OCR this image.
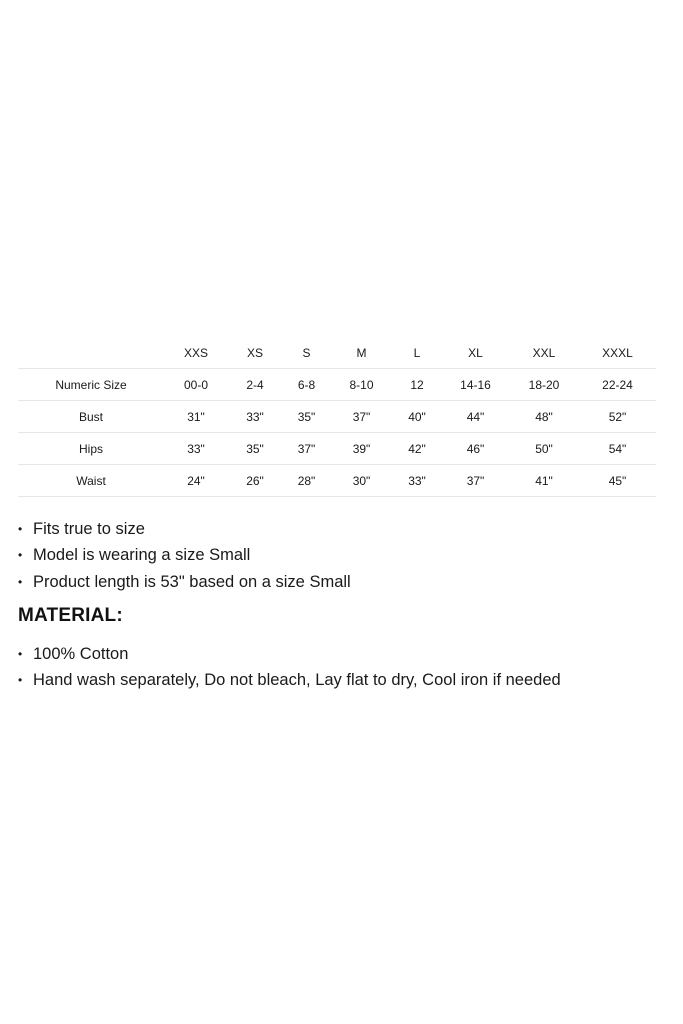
	XXS	XS	S	M	L	XL	XXL	XXXL
Numeric Size	00-0	2-4	6-8	8-10	12	14-16	18-20	22-24
Bust	31"	33"	35"	37"	40"	44"	48"	52"
Hips	33"	35"	37"	39"	42"	46"	50"	54"
Waist	24"	26"	28"	30"	33"	37"	41"	45"
• Fits true to size
• Model is wearing a size Small
• Product length is 53" based on a size Small
MATERIAL:
• 100% Cotton
• Hand wash separately, Do not bleach, Lay flat to dry, Cool iron if needed
